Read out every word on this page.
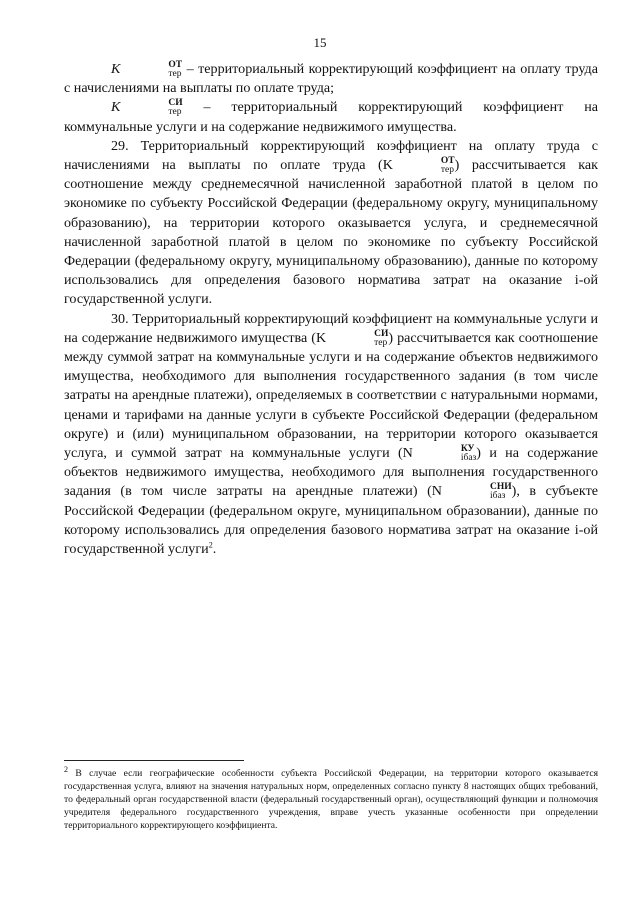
15

K	ОТ
тер – территориальный корректирующий коэффициент на оплату труда с начислениями на выплаты по оплате труда;

K	СИ
тер – территориальный корректирующий коэффициент на коммунальные услуги и на содержание недвижимого имущества.

29. Территориальный корректирующий коэффициент на оплату труда с начислениями на выплаты по оплате труда (K	ОТ
тер ) рассчитывается как соотношение между среднемесячной начисленной заработной платой в целом по экономике по субъекту Российской Федерации (федеральному округу, муниципальному образованию), на территории которого оказывается услуга, и среднемесячной начисленной заработной платой в целом по экономике по субъекту Российской Федерации (федеральному округу, муниципальному образованию), данные по которому использовались для определения базового норматива затрат на оказание i-ой государственной услуги.

30. Территориальный корректирующий коэффициент на коммунальные услуги и на содержание недвижимого имущества (K	СИ
тер ) рассчитывается как соотношение между суммой затрат на коммунальные услуги и на содержание объектов недвижимого имущества, необходимого для выполнения государственного задания (в том числе затраты на арендные платежи), определяемых в соответствии с натуральными нормами, ценами и тарифами на данные услуги в субъекте Российской Федерации (федеральном округе) и (или) муниципальном образовании, на территории которого оказывается услуга, и суммой затрат на коммунальные услуги (N	КУ
iбаз ) и на содержание объектов недвижимого имущества, необходимого для выполнения государственного задания (в том числе затраты на арендные платежи) (N	СНИ
iбаз ), в субъекте Российской Федерации (федеральном округе, муниципальном образовании), данные по которому использовались для определения базового норматива затрат на оказание i-ой государственной услуги$^2$.

$^2$ В случае если географические особенности субъекта Российской Федерации, на территории которого оказывается государственная услуга, влияют на значения натуральных норм, определенных согласно пункту 8 настоящих общих требований, то федеральный орган государственной власти (федеральный государственный орган), осуществляющий функции и полномочия учредителя федерального государственного учреждения, вправе учесть указанные особенности при определении территориального корректирующего коэффициента.
